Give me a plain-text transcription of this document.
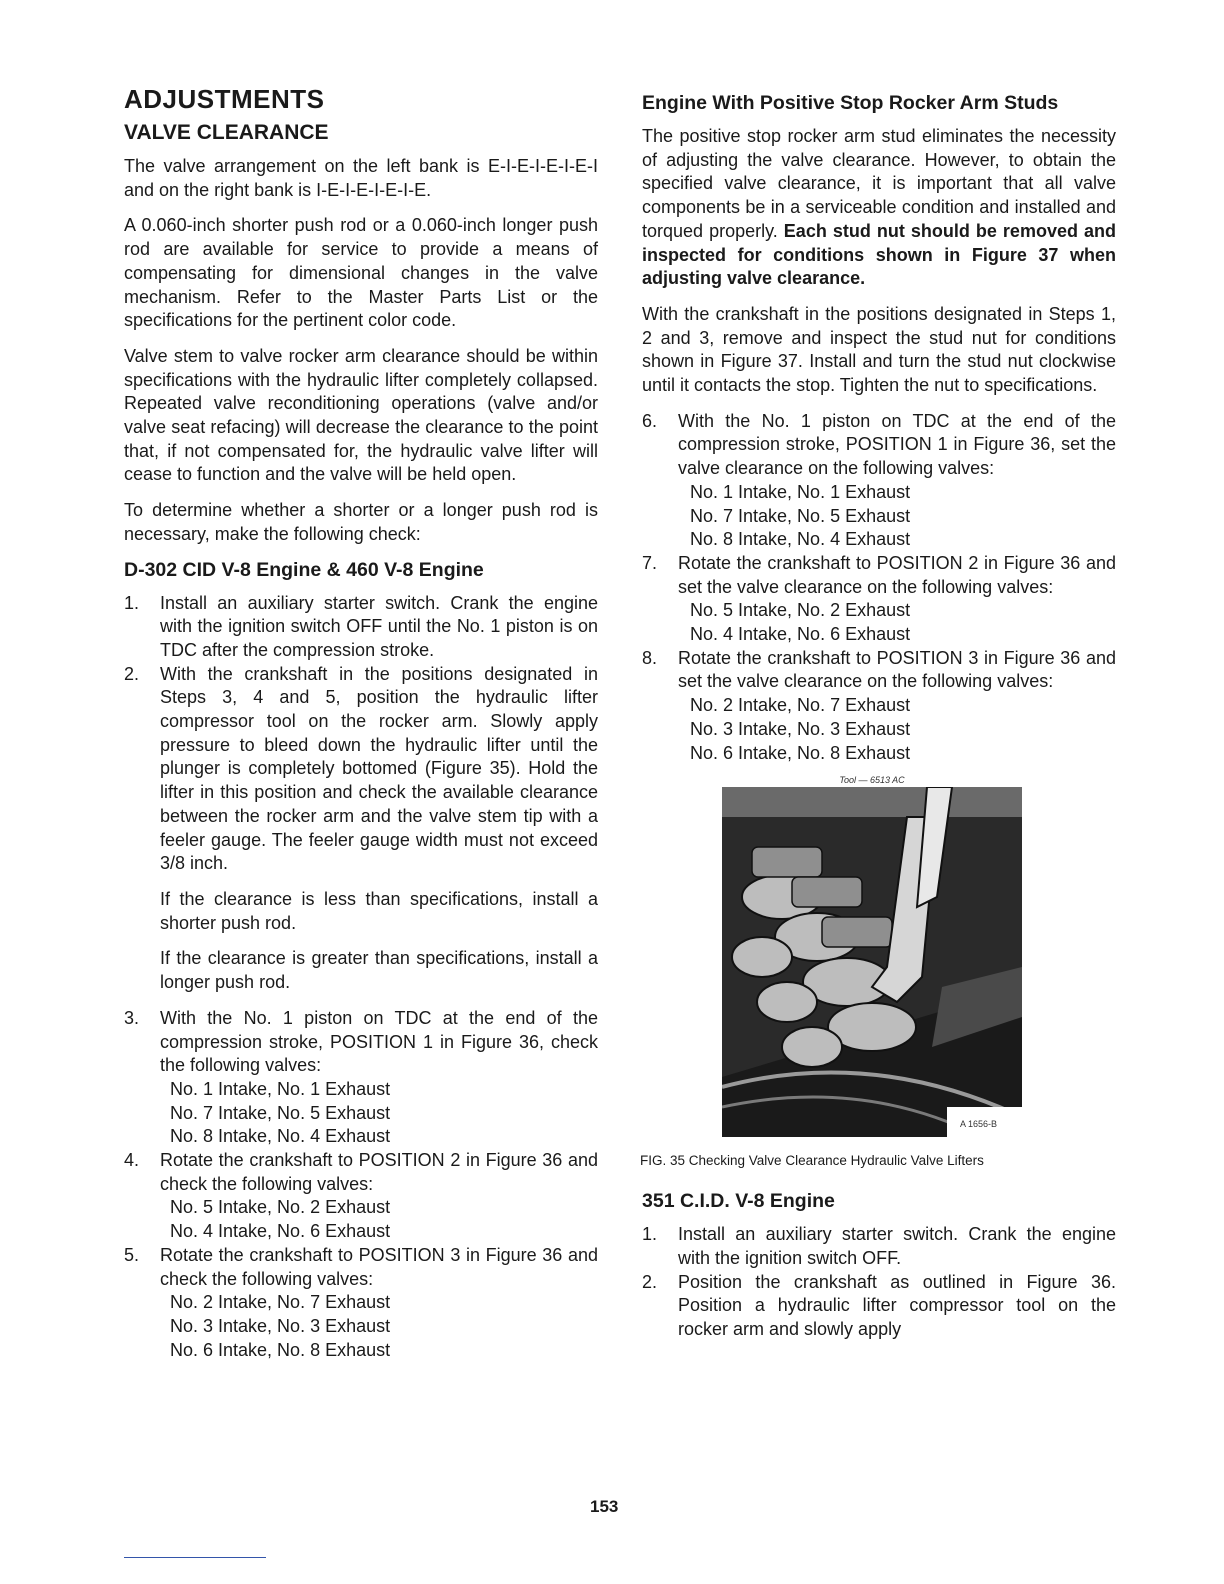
ADJUSTMENTS
VALVE CLEARANCE

The valve arrangement on the left bank is E-I-E-I-E-I-E-I and on the right bank is I-E-I-E-I-E-I-E.

A 0.060-inch shorter push rod or a 0.060-inch longer push rod are available for service to provide a means of compensating for dimensional changes in the valve mechanism. Refer to the Master Parts List or the specifications for the pertinent color code.

Valve stem to valve rocker arm clearance should be within specifications with the hydraulic lifter completely collapsed. Repeated valve reconditioning operations (valve and/or valve seat refacing) will decrease the clearance to the point that, if not compensated for, the hydraulic valve lifter will cease to function and the valve will be held open.

To determine whether a shorter or a longer push rod is necessary, make the following check:

D-302 CID V-8 Engine & 460 V-8 Engine
1.	Install an auxiliary starter switch. Crank the engine with the ignition switch OFF until the No. 1 piston is on TDC after the compression stroke.
2.	With the crankshaft in the positions designated in Steps 3, 4 and 5, position the hydraulic lifter compressor tool on the rocker arm. Slowly apply pressure to bleed down the hydraulic lifter until the plunger is completely bottomed (Figure 35). Hold the lifter in this position and check the available clearance between the rocker arm and the valve stem tip with a feeler gauge. The feeler gauge width must not exceed 3/8 inch.
If the clearance is less than specifications, install a shorter push rod.
If the clearance is greater than specifications, install a longer push rod.
3.	With the No. 1 piston on TDC at the end of the compression stroke, POSITION 1 in Figure 36, check the following valves:
No. 1 Intake, No. 1 Exhaust
No. 7 Intake, No. 5 Exhaust
No. 8 Intake, No. 4 Exhaust
4.	Rotate the crankshaft to POSITION 2 in Figure 36 and check the following valves:
No. 5 Intake, No. 2 Exhaust
No. 4 Intake, No. 6 Exhaust
5.	Rotate the crankshaft to POSITION 3 in Figure 36 and check the following valves:
No. 2 Intake, No. 7 Exhaust
No. 3 Intake, No. 3 Exhaust
No. 6 Intake, No. 8 Exhaust
Engine With Positive Stop Rocker Arm Studs

The positive stop rocker arm stud eliminates the necessity of adjusting the valve clearance. However, to obtain the specified valve clearance, it is important that all valve components be in a serviceable condition and installed and torqued properly. Each stud nut should be removed and inspected for conditions shown in Figure 37 when adjusting valve clearance.

With the crankshaft in the positions designated in Steps 1, 2 and 3, remove and inspect the stud nut for conditions shown in Figure 37. Install and turn the stud nut clockwise until it contacts the stop. Tighten the nut to specifications.

6.	With the No. 1 piston on TDC at the end of the compression stroke, POSITION 1 in Figure 36, set the valve clearance on the following valves:
No. 1 Intake, No. 1 Exhaust
No. 7 Intake, No. 5 Exhaust
No. 8 Intake, No. 4 Exhaust
7.	Rotate the crankshaft to POSITION 2 in Figure 36 and set the valve clearance on the following valves:
No. 5 Intake, No. 2 Exhaust
No. 4 Intake, No. 6 Exhaust
8.	Rotate the crankshaft to POSITION 3 in Figure 36 and set the valve clearance on the following valves:
No. 2 Intake, No. 7 Exhaust
No. 3 Intake, No. 3 Exhaust
No. 6 Intake, No. 8 Exhaust
Tool — 6513 AC
A 1656-B
FIG. 35 Checking Valve Clearance Hydraulic Valve Lifters
351 C.I.D. V-8 Engine
1.	Install an auxiliary starter switch. Crank the engine with the ignition switch OFF.
2.	Position the crankshaft as outlined in Figure 36. Position a hydraulic lifter compressor tool on the rocker arm and slowly apply
153
